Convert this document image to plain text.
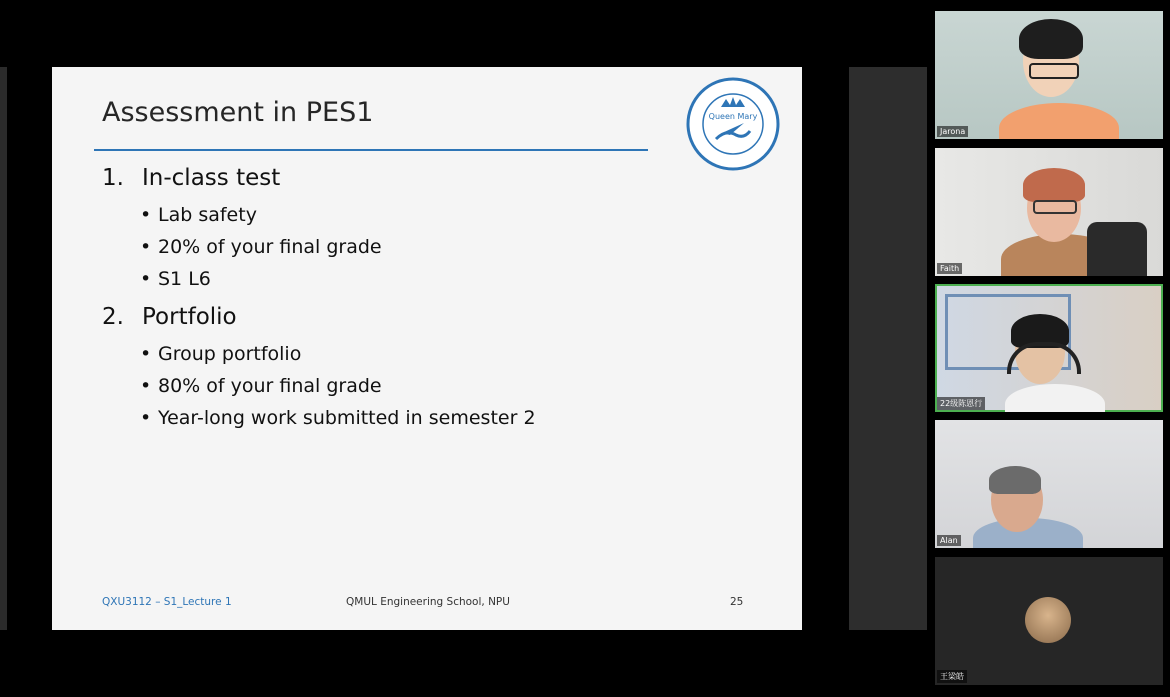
Assessment in PES1	Queen Mary
1. In-class test
• Lab safety
• 20% of your final grade
• S1 L6
2. Portfolio
• Group portfolio
• 80% of your final grade
• Year-long work submitted in semester 2
QXU3112 – S1_Lecture 1	QMUL Engineering School, NPU	25
Jarona
Faith
22级陈恩行
Alan
王梁皓
